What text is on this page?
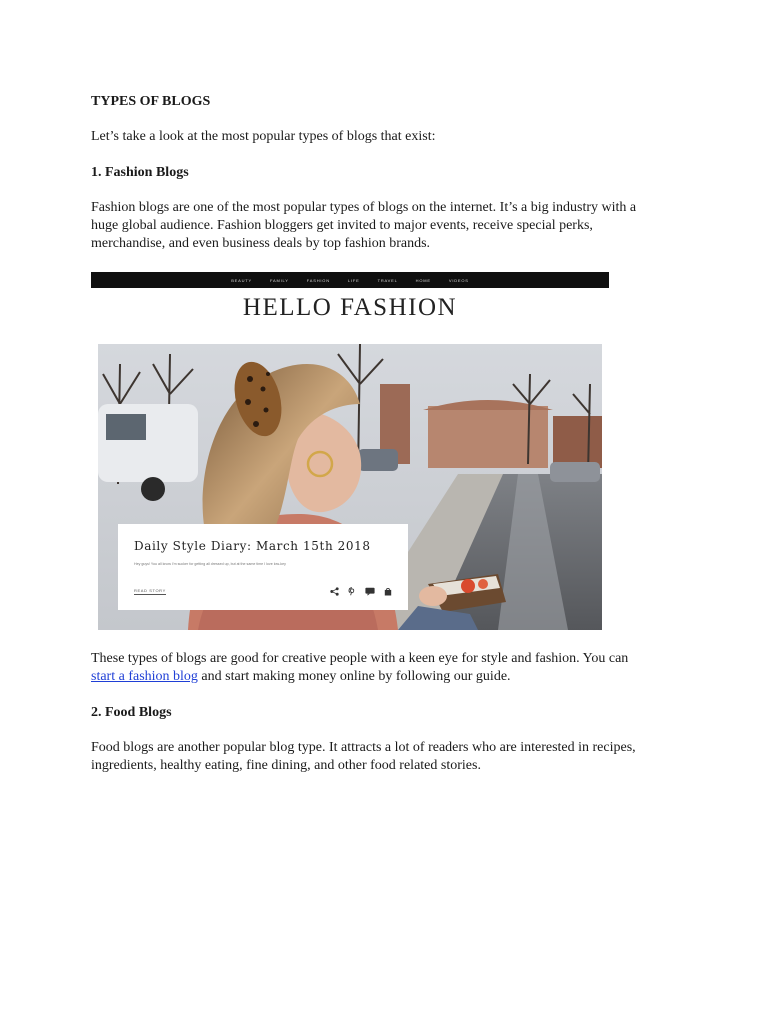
TYPES OF BLOGS
Let’s take a look at the most popular types of blogs that exist:
1. Fashion Blogs
Fashion blogs are one of the most popular types of blogs on the internet. It’s a big industry with a
huge global audience. Fashion bloggers get invited to major events, receive special perks,
merchandise, and even business deals by top fashion brands.
BEAUTY	FAMILY	FASHION	LIFE	TRAVEL	HOME	VIDEOS
HELLO FASHION
Daily Style Diary: March 15th 2018
Hey guys! You all know I'm sucker for getting all dressed up, but at the same time I love low-key
READ STORY
These types of blogs are good for creative people with a keen eye for style and fashion. You can
start a fashion blog and start making money online by following our guide.
2. Food Blogs
Food blogs are another popular blog type. It attracts a lot of readers who are interested in recipes,
ingredients, healthy eating, fine dining, and other food related stories.
